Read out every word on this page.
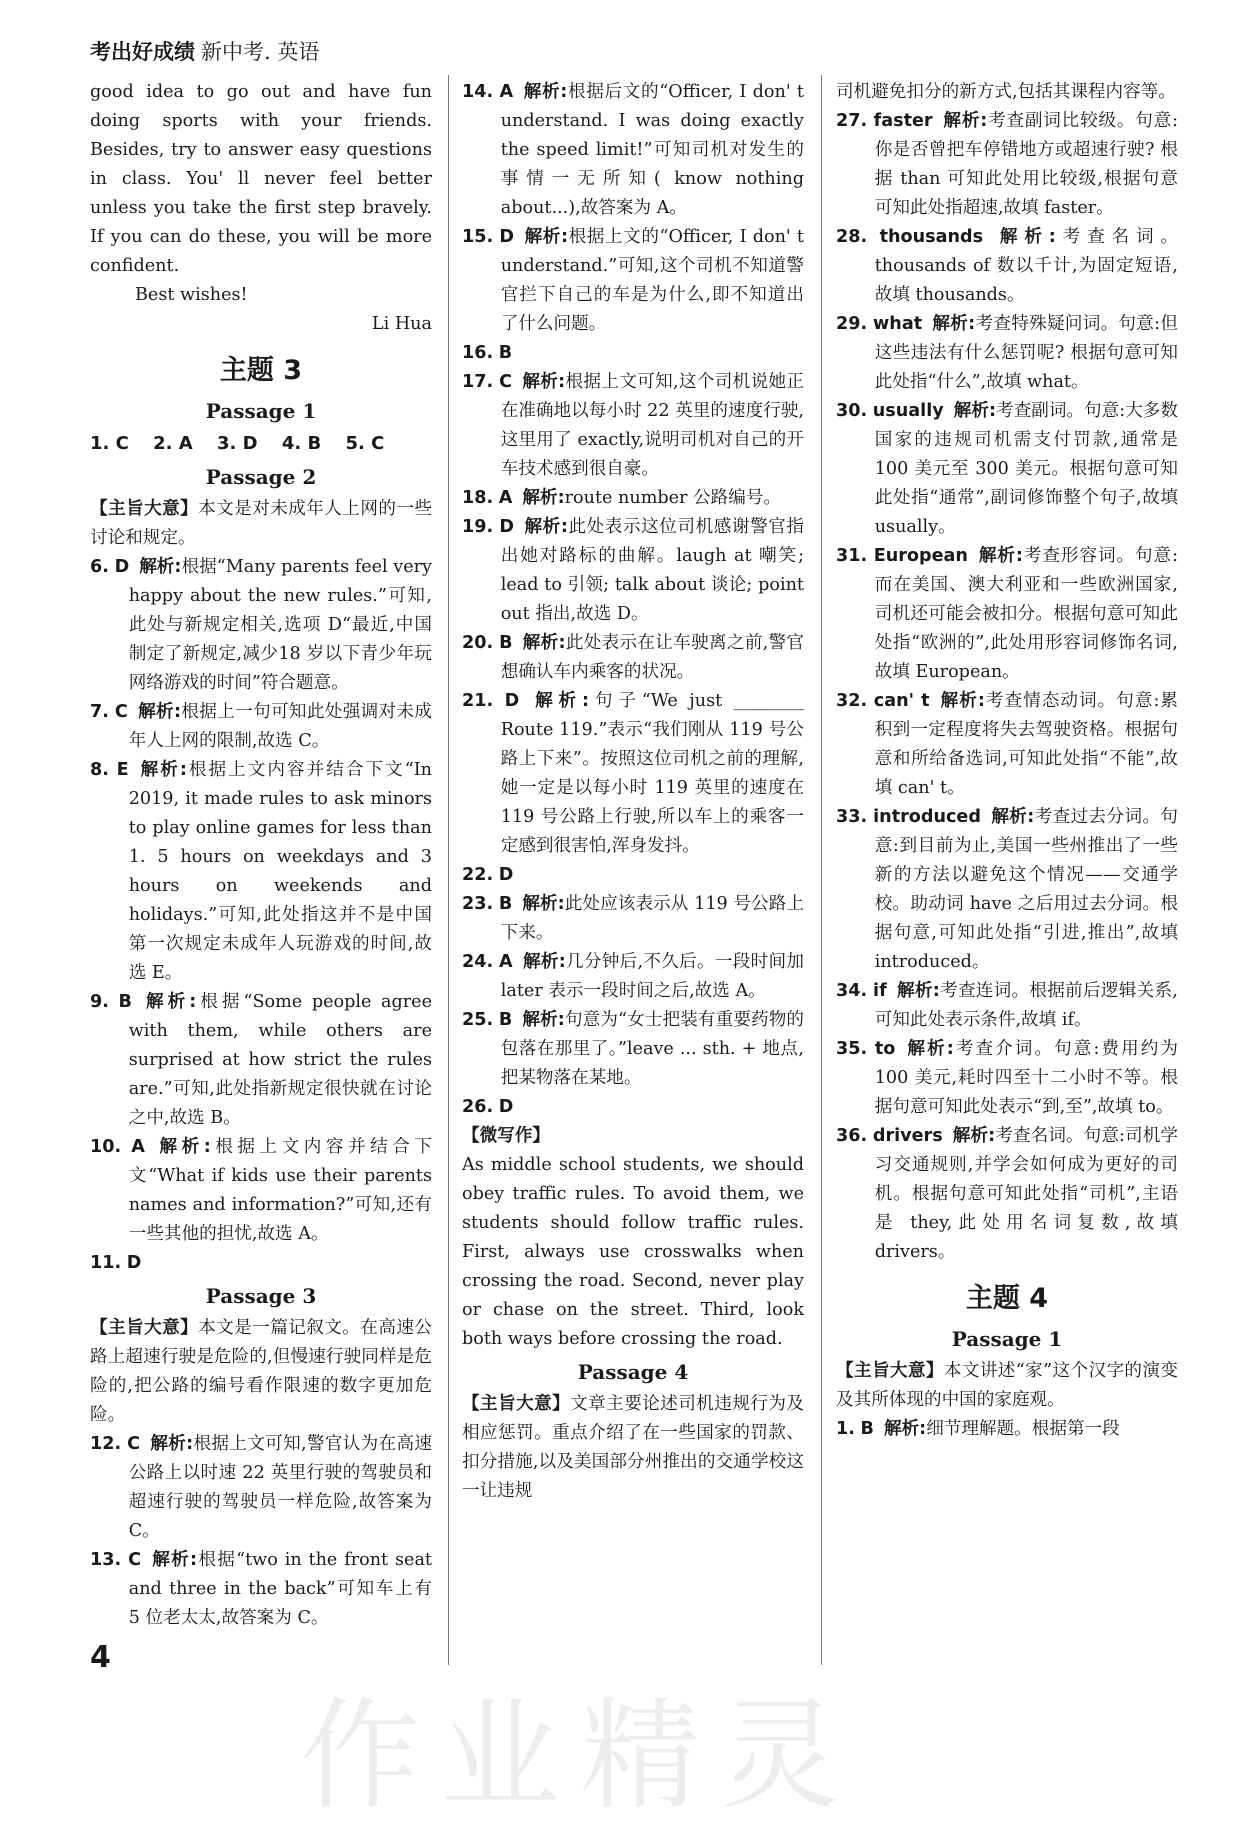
考出好成绩 新中考. 英语

good idea to go out and have fun doing sports with your friends. Besides, try to answer easy questions in class. You' ll never feel better unless you take the first step bravely. If you can do these, you will be more confident.

Best wishes!

Li Hua

主题 3
Passage 1
1. C 2. A 3. D 4. B 5. C
Passage 2

【主旨大意】本文是对未成年人上网的一些讨论和规定。

6. D 解析:根据“Many parents feel very happy about the new rules.”可知,此处与新规定相关,选项 D“最近,中国制定了新规定,减少18 岁以下青少年玩网络游戏的时间”符合题意。

7. C 解析:根据上一句可知此处强调对未成年人上网的限制,故选 C。

8. E 解析:根据上文内容并结合下文“In 2019, it made rules to ask minors to play online games for less than 1. 5 hours on weekdays and 3 hours on weekends and holidays.”可知,此处指这并不是中国第一次规定未成年人玩游戏的时间,故选 E。

9. B 解析:根据“Some people agree with them, while others are surprised at how strict the rules are.”可知,此处指新规定很快就在讨论之中,故选 B。

10. A 解析:根据上文内容并结合下文“What if kids use their parents names and information?”可知,还有一些其他的担忧,故选 A。

11. D

Passage 3

【主旨大意】本文是一篇记叙文。在高速公路上超速行驶是危险的,但慢速行驶同样是危险的,把公路的编号看作限速的数字更加危险。

12. C 解析:根据上文可知,警官认为在高速公路上以时速 22 英里行驶的驾驶员和超速行驶的驾驶员一样危险,故答案为 C。

13. C 解析:根据“two in the front seat and three in the back”可知车上有 5 位老太太,故答案为 C。

14. A 解析:根据后文的“Officer, I don' t understand. I was doing exactly the speed limit!”可知司机对发生的事情一无所知( know nothing about...),故答案为 A。

15. D 解析:根据上文的“Officer, I don' t understand.”可知,这个司机不知道警官拦下自己的车是为什么,即不知道出了什么问题。

16. B

17. C 解析:根据上文可知,这个司机说她正在准确地以每小时 22 英里的速度行驶,这里用了 exactly,说明司机对自己的开车技术感到很自豪。

18. A 解析:route number 公路编号。

19. D 解析:此处表示这位司机感谢警官指出她对路标的曲解。laugh at 嘲笑; lead to 引领; talk about 谈论; point out 指出,故选 D。

20. B 解析:此处表示在让车驶离之前,警官想确认车内乘客的状况。

21. D 解析:句子“We just ________ Route 119.”表示“我们刚从 119 号公路上下来”。按照这位司机之前的理解,她一定是以每小时 119 英里的速度在 119 号公路上行驶,所以车上的乘客一定感到很害怕,浑身发抖。

22. D

23. B 解析:此处应该表示从 119 号公路上下来。

24. A 解析:几分钟后,不久后。一段时间加 later 表示一段时间之后,故选 A。

25. B 解析:句意为“女士把装有重要药物的包落在那里了。”leave ... sth. + 地点,把某物落在某地。

26. D

【微写作】

As middle school students, we should obey traffic rules. To avoid them, we students should follow traffic rules. First, always use crosswalks when crossing the road. Second, never play or chase on the street. Third, look both ways before crossing the road.

Passage 4

【主旨大意】文章主要论述司机违规行为及相应惩罚。重点介绍了在一些国家的罚款、扣分措施,以及美国部分州推出的交通学校这一让违规

司机避免扣分的新方式,包括其课程内容等。

27. faster 解析:考查副词比较级。句意:你是否曾把车停错地方或超速行驶? 根据 than 可知此处用比较级,根据句意可知此处指超速,故填 faster。

28. thousands 解析:考查名词。thousands of 数以千计,为固定短语,故填 thousands。

29. what 解析:考查特殊疑问词。句意:但这些违法有什么惩罚呢? 根据句意可知此处指“什么”,故填 what。

30. usually 解析:考查副词。句意:大多数国家的违规司机需支付罚款,通常是 100 美元至 300 美元。根据句意可知此处指“通常”,副词修饰整个句子,故填usually。

31. European 解析:考查形容词。句意:而在美国、澳大利亚和一些欧洲国家,司机还可能会被扣分。根据句意可知此处指“欧洲的”,此处用形容词修饰名词,故填 European。

32. can' t 解析:考查情态动词。句意:累积到一定程度将失去驾驶资格。根据句意和所给备选词,可知此处指“不能”,故填 can' t。

33. introduced 解析:考查过去分词。句意:到目前为止,美国一些州推出了一些新的方法以避免这个情况——交通学校。助动词 have 之后用过去分词。根据句意,可知此处指“引进,推出”,故填 introduced。

34. if 解析:考查连词。根据前后逻辑关系,可知此处表示条件,故填 if。

35. to 解析:考查介词。句意:费用约为 100 美元,耗时四至十二小时不等。根据句意可知此处表示“到,至”,故填 to。

36. drivers 解析:考查名词。句意:司机学习交通规则,并学会如何成为更好的司机。根据句意可知此处指“司机”,主语是 they,此处用名词复数,故填 drivers。

主题 4
Passage 1

【主旨大意】本文讲述“家”这个汉字的演变及其所体现的中国的家庭观。

1. B 解析:细节理解题。根据第一段

4
作业精灵
